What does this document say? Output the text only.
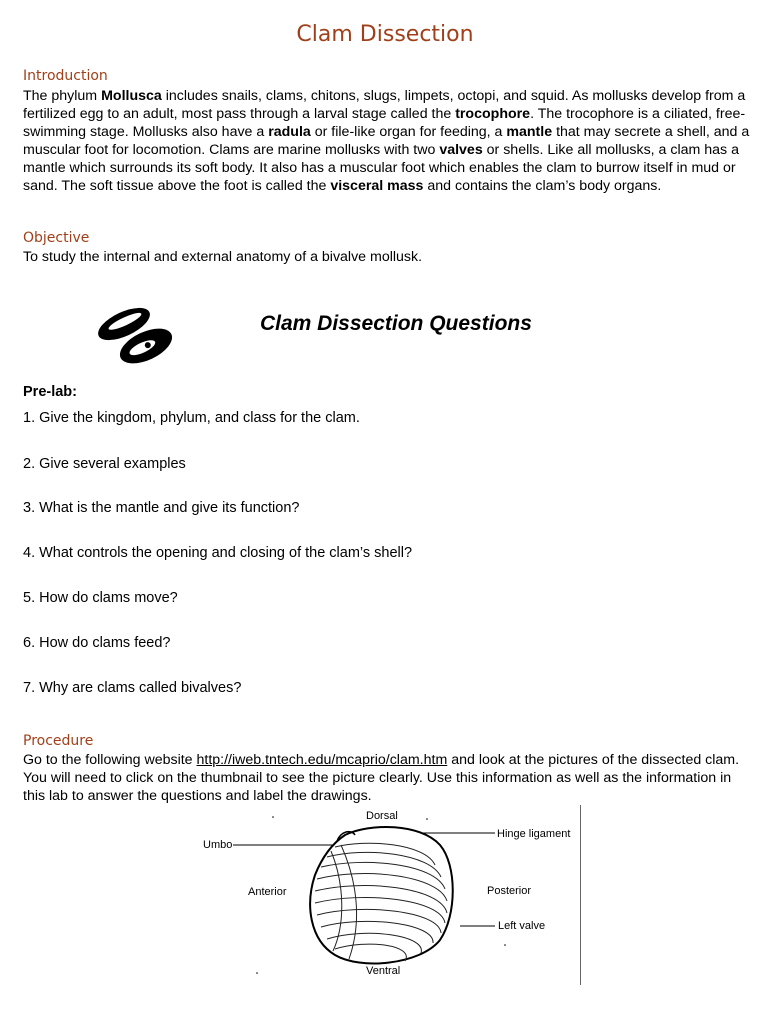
Clam Dissection
Introduction

The phylum Mollusca includes snails, clams, chitons, slugs, limpets, octopi, and squid. As mollusks develop from a fertilized egg to an adult, most pass through a larval stage called the trocophore. The trocophore is a ciliated, free-swimming stage. Mollusks also have a radula or file-like organ for feeding, a mantle that may secrete a shell, and a muscular foot for locomotion. Clams are marine mollusks with two valves or shells. Like all mollusks, a clam has a mantle which surrounds its soft body. It also has a muscular foot which enables the clam to burrow itself in mud or sand. The soft tissue above the foot is called the visceral mass and contains the clam’s body organs.

Objective

To study the internal and external anatomy of a bivalve mollusk.

Clam Dissection Questions

Pre-lab:

1. Give the kingdom, phylum, and class for the clam.

2. Give several examples

3. What is the mantle and give its function?

4. What controls the opening and closing of the clam’s shell?

5. How do clams move?

6. How do clams feed?

7. Why are clams called bivalves?

Procedure

Go to the following website http://iweb.tntech.edu/mcaprio/clam.htm and look at the pictures of the dissected clam. You will need to click on the thumbnail to see the picture clearly. Use this information as well as the information in this lab to answer the questions and label the drawings.

Dorsal
Umbo
Hinge ligament
Anterior	Posterior
Left valve
Ventral
